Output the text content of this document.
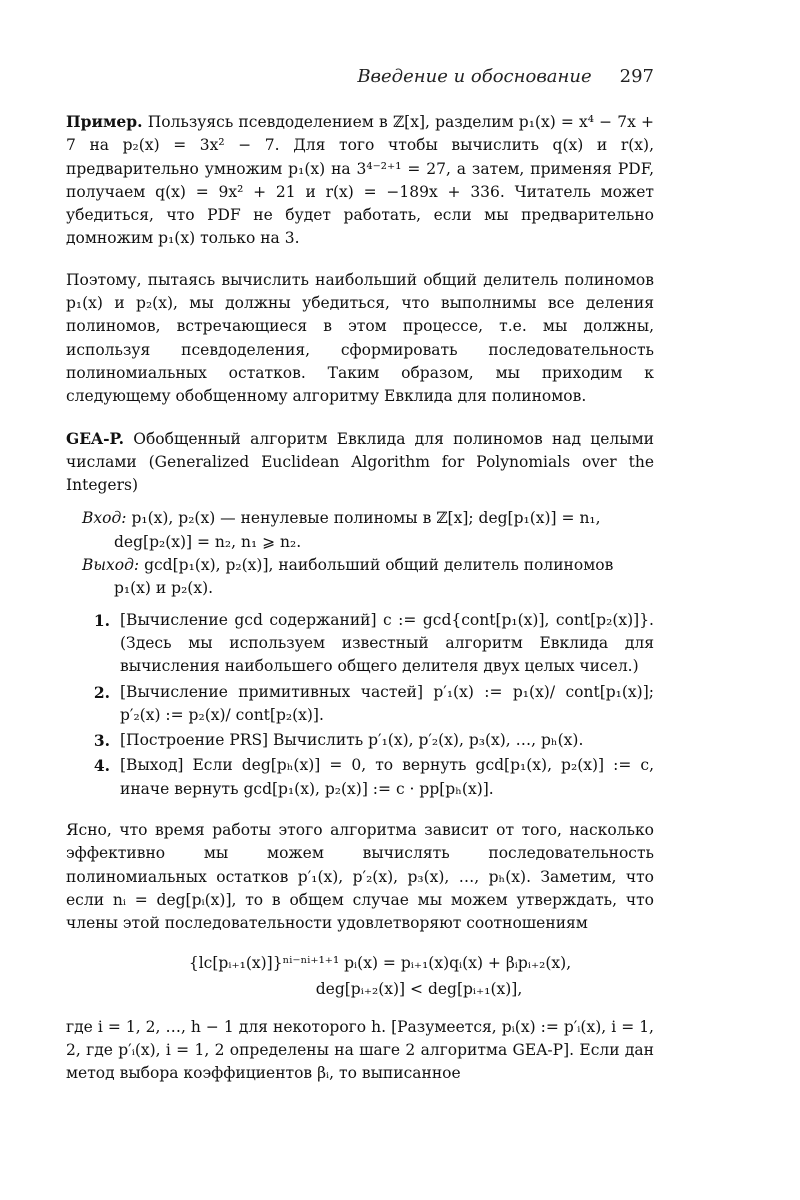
Введение и обоснование 297

Пример. Пользуясь псевдоделением в ℤ[x], разделим p₁(x) = x⁴ − 7x + 7 на p₂(x) = 3x² − 7. Для того чтобы вычислить q(x) и r(x), предварительно умножим p₁(x) на 3⁴⁻²⁺¹ = 27, а затем, применяя PDF, получаем q(x) = 9x² + 21 и r(x) = −189x + 336. Читатель может убедиться, что PDF не будет работать, если мы предварительно домножим p₁(x) только на 3.

Поэтому, пытаясь вычислить наибольший общий делитель полиномов p₁(x) и p₂(x), мы должны убедиться, что выполнимы все деления полиномов, встречающиеся в этом процессе, т.е. мы должны, используя псевдоделения, сформировать последовательность полиномиальных остатков. Таким образом, мы приходим к следующему обобщенному алгоритму Евклида для полиномов.

GEA-P. Обобщенный алгоритм Евклида для полиномов над целыми числами (Generalized Euclidean Algorithm for Polynomials over the Integers)

Вход: p₁(x), p₂(x) — ненулевые полиномы в ℤ[x]; deg[p₁(x)] = n₁,
deg[p₂(x)] = n₂, n₁ ⩾ n₂.
Выход: gcd[p₁(x), p₂(x)], наибольший общий делитель полиномов
p₁(x) и p₂(x).
1. [Вычисление gcd содержаний] c := gcd{cont[p₁(x)], cont[p₂(x)]}. (Здесь мы используем известный алгоритм Евклида для вычисления наибольшего общего делителя двух целых чисел.)
2. [Вычисление примитивных частей] p′₁(x) := p₁(x)/ cont[p₁(x)]; p′₂(x) := p₂(x)/ cont[p₂(x)].
3. [Построение PRS] Вычислить p′₁(x), p′₂(x), p₃(x), …, pₕ(x).
4. [Выход] Если deg[pₕ(x)] = 0, то вернуть gcd[p₁(x), p₂(x)] := c, иначе вернуть gcd[p₁(x), p₂(x)] := c · pp[pₕ(x)].

Ясно, что время работы этого алгоритма зависит от того, насколько эффективно мы можем вычислять последовательность полиномиальных остатков p′₁(x), p′₂(x), p₃(x), …, pₕ(x). Заметим, что если nᵢ = deg[pᵢ(x)], то в общем случае мы можем утверждать, что члены этой последовательности удовлетворяют соотношениям

{lc[pᵢ₊₁(x)]}ⁿⁱ⁻ⁿⁱ⁺¹⁺¹ pᵢ(x) = pᵢ₊₁(x)qᵢ(x) + βᵢpᵢ₊₂(x),
deg[pᵢ₊₂(x)] < deg[pᵢ₊₁(x)],

где i = 1, 2, …, h − 1 для некоторого h. [Разумеется, pᵢ(x) := p′ᵢ(x), i = 1, 2, где p′ᵢ(x), i = 1, 2 определены на шаге 2 алгоритма GEA-P]. Если дан метод выбора коэффициентов βᵢ, то выписанное
